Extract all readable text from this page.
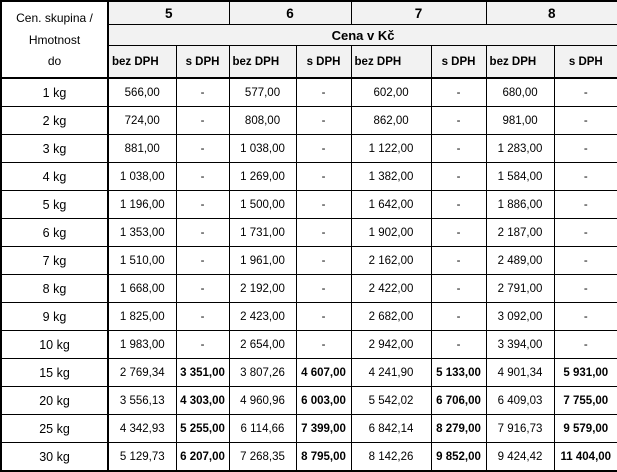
Cen. skupina /
Hmotnost
do	5		6		7		8	
	Cena v Kč							
	bez DPH	s DPH	bez DPH	s DPH	bez DPH	s DPH	bez DPH	s DPH
1 kg	566,00	-	577,00	-	602,00	-	680,00	-
2 kg	724,00	-	808,00	-	862,00	-	981,00	-
3 kg	881,00	-	1 038,00	-	1 122,00	-	1 283,00	-
4 kg	1 038,00	-	1 269,00	-	1 382,00	-	1 584,00	-
5 kg	1 196,00	-	1 500,00	-	1 642,00	-	1 886,00	-
6 kg	1 353,00	-	1 731,00	-	1 902,00	-	2 187,00	-
7 kg	1 510,00	-	1 961,00	-	2 162,00	-	2 489,00	-
8 kg	1 668,00	-	2 192,00	-	2 422,00	-	2 791,00	-
9 kg	1 825,00	-	2 423,00	-	2 682,00	-	3 092,00	-
10 kg	1 983,00	-	2 654,00	-	2 942,00	-	3 394,00	-
15 kg	2 769,34	3 351,00	3 807,26	4 607,00	4 241,90	5 133,00	4 901,34	5 931,00
20 kg	3 556,13	4 303,00	4 960,96	6 003,00	5 542,02	6 706,00	6 409,03	7 755,00
25 kg	4 342,93	5 255,00	6 114,66	7 399,00	6 842,14	8 279,00	7 916,73	9 579,00
30 kg	5 129,73	6 207,00	7 268,35	8 795,00	8 142,26	9 852,00	9 424,42	11 404,00
